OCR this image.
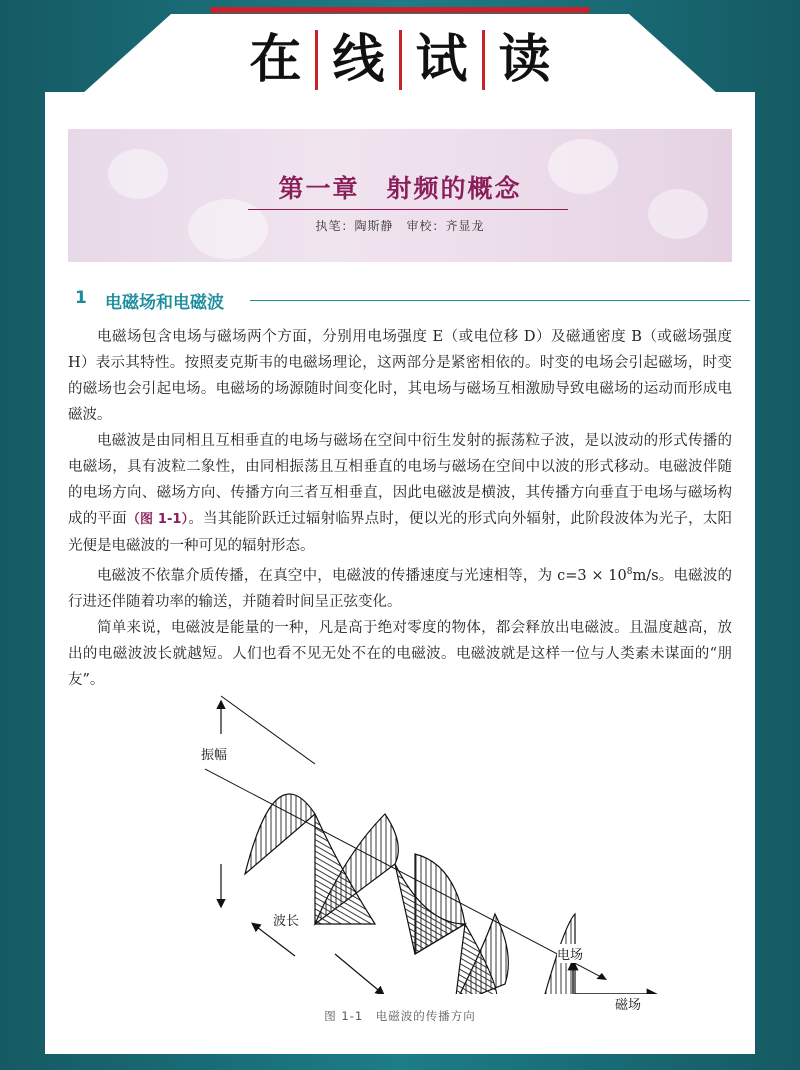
第一章　射频的概念
执笔：陶斯静　审校：齐显龙
1 电磁场和电磁波

电磁场包含电场与磁场两个方面，分别用电场强度 E（或电位移 D）及磁通密度 B（或磁场强度 H）表示其特性。按照麦克斯韦的电磁场理论，这两部分是紧密相依的。时变的电场会引起磁场，时变的磁场也会引起电场。电磁场的场源随时间变化时，其电场与磁场互相激励导致电磁场的运动而形成电磁波。

电磁波是由同相且互相垂直的电场与磁场在空间中衍生发射的振荡粒子波，是以波动的形式传播的电磁场，具有波粒二象性，由同相振荡且互相垂直的电场与磁场在空间中以波的形式移动。电磁波伴随的电场方向、磁场方向、传播方向三者互相垂直，因此电磁波是横波，其传播方向垂直于电场与磁场构成的平面（图 1-1）。当其能阶跃迁过辐射临界点时，便以光的形式向外辐射，此阶段波体为光子，太阳光便是电磁波的一种可见的辐射形态。

电磁波不依靠介质传播，在真空中，电磁波的传播速度与光速相等，为 $c=3 \times 10^8m/s$。电磁波的行进还伴随着功率的输送，并随着时间呈正弦变化。

简单来说，电磁波是能量的一种，凡是高于绝对零度的物体，都会释放出电磁波。且温度越高，放出的电磁波波长就越短。人们也看不见无处不在的电磁波。电磁波就是这样一位与人类素未谋面的“朋友”。

振幅
波长
电场
磁场
图 1-1　电磁波的传播方向
在 线 试 读
